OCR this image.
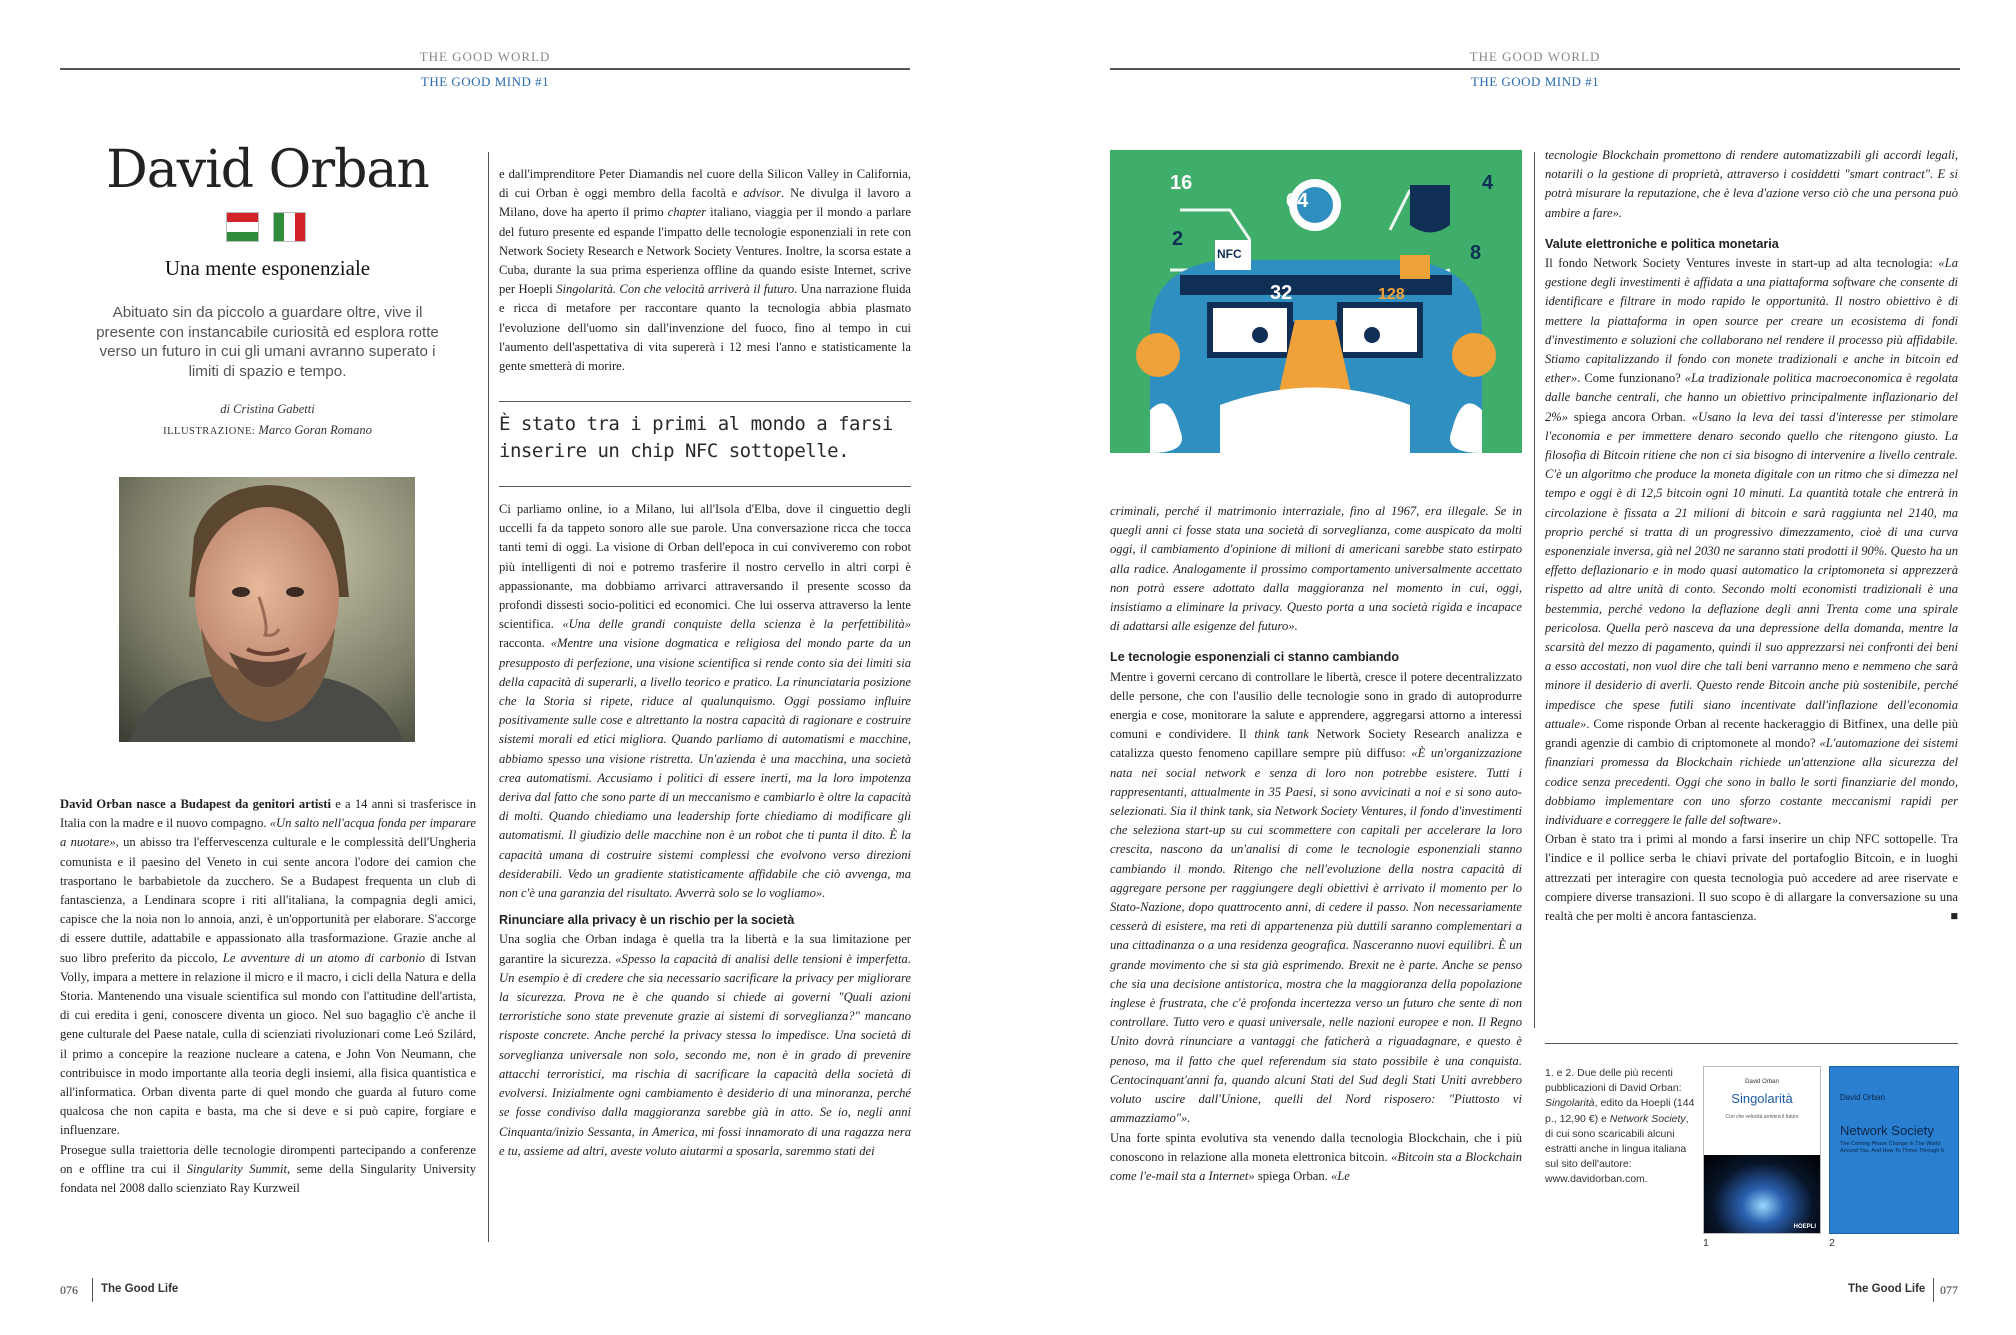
THE GOOD WORLD
THE GOOD MIND #1
THE GOOD WORLD
THE GOOD MIND #1
David Orban
Una mente esponenziale
Abituato sin da piccolo a guardare oltre, vive il presente con instancabile curiosità ed esplora rotte verso un futuro in cui gli umani avranno superato i limiti di spazio e tempo.
di Cristina Gabetti
ILLUSTRAZIONE: Marco Goran Romano

David Orban nasce a Budapest da genitori artisti e a 14 anni si trasferisce in Italia con la madre e il nuovo compagno. «Un salto nell'acqua fonda per imparare a nuotare», un abisso tra l'effervescenza culturale e le complessità dell'Ungheria comunista e il paesino del Veneto in cui sente ancora l'odore dei camion che trasportano le barbabietole da zucchero. Se a Budapest frequenta un club di fantascienza, a Lendinara scopre i riti all'italiana, la compagnia degli amici, capisce che la noia non lo annoia, anzi, è un'opportunità per elaborare. S'accorge di essere duttile, adattabile e appassionato alla trasformazione. Grazie anche al suo libro preferito da piccolo, Le avventure di un atomo di carbonio di Istvan Volly, impara a mettere in relazione il micro e il macro, i cicli della Natura e della Storia. Mantenendo una visuale scientifica sul mondo con l'attitudine dell'artista, di cui eredita i geni, conoscere diventa un gioco. Nel suo bagaglio c'è anche il gene culturale del Paese natale, culla di scienziati rivoluzionari come Leó Szilárd, il primo a concepire la reazione nucleare a catena, e John Von Neumann, che contribuisce in modo importante alla teoria degli insiemi, alla fisica quantistica e all'informatica. Orban diventa parte di quel mondo che guarda al futuro come qualcosa che non capita e basta, ma che si deve e si può capire, forgiare e influenzare.

Prosegue sulla traiettoria delle tecnologie dirompenti partecipando a conferenze on e offline tra cui il Singularity Summit, seme della Singularity University fondata nel 2008 dallo scienziato Ray Kurzweil

e dall'imprenditore Peter Diamandis nel cuore della Silicon Valley in California, di cui Orban è oggi membro della facoltà e advisor. Ne divulga il lavoro a Milano, dove ha aperto il primo chapter italiano, viaggia per il mondo a parlare del futuro presente ed espande l'impatto delle tecnologie esponenziali in rete con Network Society Research e Network Society Ventures. Inoltre, la scorsa estate a Cuba, durante la sua prima esperienza offline da quando esiste Internet, scrive per Hoepli Singolarità. Con che velocità arriverà il futuro. Una narrazione fluida e ricca di metafore per raccontare quanto la tecnologia abbia plasmato l'evoluzione dell'uomo sin dall'invenzione del fuoco, fino al tempo in cui l'aumento dell'aspettativa di vita supererà i 12 mesi l'anno e statisticamente la gente smetterà di morire.

È stato tra i primi al mondo a farsi inserire un chip NFC sottopelle.

Ci parliamo online, io a Milano, lui all'Isola d'Elba, dove il cinguettio degli uccelli fa da tappeto sonoro alle sue parole. Una conversazione ricca che tocca tanti temi di oggi. La visione di Orban dell'epoca in cui conviveremo con robot più intelligenti di noi e potremo trasferire il nostro cervello in altri corpi è appassionante, ma dobbiamo arrivarci attraversando il presente scosso da profondi dissesti socio-politici ed economici. Che lui osserva attraverso la lente scientifica. «Una delle grandi conquiste della scienza è la perfettibilità» racconta. «Mentre una visione dogmatica e religiosa del mondo parte da un presupposto di perfezione, una visione scientifica si rende conto sia dei limiti sia della capacità di superarli, a livello teorico e pratico. La rinunciataria posizione che la Storia si ripete, riduce al qualunquismo. Oggi possiamo influire positivamente sulle cose e altrettanto la nostra capacità di ragionare e costruire sistemi morali ed etici migliora. Quando parliamo di automatismi e macchine, abbiamo spesso una visione ristretta. Un'azienda è una macchina, una società crea automatismi. Accusiamo i politici di essere inerti, ma la loro impotenza deriva dal fatto che sono parte di un meccanismo e cambiarlo è oltre la capacità di molti. Quando chiediamo una leadership forte chiediamo di modificare gli automatismi. Il giudizio delle macchine non è un robot che ti punta il dito. È la capacità umana di costruire sistemi complessi che evolvono verso direzioni desiderabili. Vedo un gradiente statisticamente affidabile che ciò avvenga, ma non c'è una garanzia del risultato. Avverrà solo se lo vogliamo».

Rinunciare alla privacy è un rischio per la società

Una soglia che Orban indaga è quella tra la libertà e la sua limitazione per garantire la sicurezza. «Spesso la capacità di analisi delle tensioni è imperfetta. Un esempio è di credere che sia necessario sacrificare la privacy per migliorare la sicurezza. Prova ne è che quando si chiede ai governi "Quali azioni terroristiche sono state prevenute grazie ai sistemi di sorveglianza?" mancano risposte concrete. Anche perché la privacy stessa lo impedisce. Una società di sorveglianza universale non solo, secondo me, non è in grado di prevenire attacchi terroristici, ma rischia di sacrificare la capacità della società di evolversi. Inizialmente ogni cambiamento è desiderio di una minoranza, perché se fosse condiviso dalla maggioranza sarebbe già in atto. Se io, negli anni Cinquanta/inizio Sessanta, in America, mi fossi innamorato di una ragazza nera e tu, assieme ad altri, aveste voluto aiutarmi a sposarla, saremmo stati dei

076 The Good Life
16
64
4
2
32
8
128
NFC

criminali, perché il matrimonio interraziale, fino al 1967, era illegale. Se in quegli anni ci fosse stata una società di sorveglianza, come auspicato da molti oggi, il cambiamento d'opinione di milioni di americani sarebbe stato estirpato alla radice. Analogamente il prossimo comportamento universalmente accettato non potrà essere adottato dalla maggioranza nel momento in cui, oggi, insistiamo a eliminare la privacy. Questo porta a una società rigida e incapace di adattarsi alle esigenze del futuro».

Le tecnologie esponenziali ci stanno cambiando

Mentre i governi cercano di controllare le libertà, cresce il potere decentralizzato delle persone, che con l'ausilio delle tecnologie sono in grado di autoprodurre energia e cose, monitorare la salute e apprendere, aggregarsi attorno a interessi comuni e condividere. Il think tank Network Society Research analizza e catalizza questo fenomeno capillare sempre più diffuso: «È un'organizzazione nata nei social network e senza di loro non potrebbe esistere. Tutti i rappresentanti, attualmente in 35 Paesi, si sono avvicinati a noi e si sono auto-selezionati. Sia il think tank, sia Network Society Ventures, il fondo d'investimenti che seleziona start-up su cui scommettere con capitali per accelerare la loro crescita, nascono da un'analisi di come le tecnologie esponenziali stanno cambiando il mondo. Ritengo che nell'evoluzione della nostra capacità di aggregare persone per raggiungere degli obiettivi è arrivato il momento per lo Stato-Nazione, dopo quattrocento anni, di cedere il passo. Non necessariamente cesserà di esistere, ma reti di appartenenza più duttili saranno complementari a una cittadinanza o a una residenza geografica. Nasceranno nuovi equilibri. È un grande movimento che si sta già esprimendo. Brexit ne è parte. Anche se penso che sia una decisione antistorica, mostra che la maggioranza della popolazione inglese è frustrata, che c'è profonda incertezza verso un futuro che sente di non controllare. Tutto vero e quasi universale, nelle nazioni europee e non. Il Regno Unito dovrà rinunciare a vantaggi che faticherà a riguadagnare, e questo è penoso, ma il fatto che quel referendum sia stato possibile è una conquista. Centocinquant'anni fa, quando alcuni Stati del Sud degli Stati Uniti avrebbero voluto uscire dall'Unione, quelli del Nord risposero: "Piuttosto vi ammazziamo"».

Una forte spinta evolutiva sta venendo dalla tecnologia Blockchain, che i più conoscono in relazione alla moneta elettronica bitcoin. «Bitcoin sta a Blockchain come l'e-mail sta a Internet» spiega Orban. «Le

tecnologie Blockchain promettono di rendere automatizzabili gli accordi legali, notarili o la gestione di proprietà, attraverso i cosiddetti "smart contract". E si potrà misurare la reputazione, che è leva d'azione verso ciò che una persona può ambire a fare».

Valute elettroniche e politica monetaria

Il fondo Network Society Ventures investe in start-up ad alta tecnologia: «La gestione degli investimenti è affidata a una piattaforma software che consente di identificare e filtrare in modo rapido le opportunità. Il nostro obiettivo è di mettere la piattaforma in open source per creare un ecosistema di fondi d'investimento e soluzioni che collaborano nel rendere il processo più affidabile. Stiamo capitalizzando il fondo con monete tradizionali e anche in bitcoin ed ether». Come funzionano? «La tradizionale politica macroeconomica è regolata dalle banche centrali, che hanno un obiettivo principalmente inflazionario del 2%» spiega ancora Orban. «Usano la leva dei tassi d'interesse per stimolare l'economia e per immettere denaro secondo quello che ritengono giusto. La filosofia di Bitcoin ritiene che non ci sia bisogno di intervenire a livello centrale. C'è un algoritmo che produce la moneta digitale con un ritmo che si dimezza nel tempo e oggi è di 12,5 bitcoin ogni 10 minuti. La quantità totale che entrerà in circolazione è fissata a 21 milioni di bitcoin e sarà raggiunta nel 2140, ma proprio perché si tratta di un progressivo dimezzamento, cioè di una curva esponenziale inversa, già nel 2030 ne saranno stati prodotti il 90%. Questo ha un effetto deflazionario e in modo quasi automatico la criptomoneta si apprezzerà rispetto ad altre unità di conto. Secondo molti economisti tradizionali è una bestemmia, perché vedono la deflazione degli anni Trenta come una spirale pericolosa. Quella però nasceva da una depressione della domanda, mentre la scarsità del mezzo di pagamento, quindi il suo apprezzarsi nei confronti dei beni a esso accostati, non vuol dire che tali beni varranno meno e nemmeno che sarà minore il desiderio di averli. Questo rende Bitcoin anche più sostenibile, perché impedisce che spese futili siano incentivate dall'inflazione dell'economia attuale». Come risponde Orban al recente hackeraggio di Bitfinex, una delle più grandi agenzie di cambio di criptomonete al mondo? «L'automazione dei sistemi finanziari promessa da Blockchain richiede un'attenzione alla sicurezza del codice senza precedenti. Oggi che sono in ballo le sorti finanziarie del mondo, dobbiamo implementare con uno sforzo costante meccanismi rapidi per individuare e correggere le falle del software».

Orban è stato tra i primi al mondo a farsi inserire un chip NFC sottopelle. Tra l'indice e il pollice serba le chiavi private del portafoglio Bitcoin, e in luoghi attrezzati per interagire con questa tecnologia può accedere ad aree riservate e compiere diverse transazioni. Il suo scopo è di allargare la conversazione su una realtà che per molti è ancora fantascienza.	■

1. e 2. Due delle più recenti pubblicazioni di David Orban: Singolarità, edito da Hoepli (144 p., 12,90 €) e Network Society, di cui sono scaricabili alcuni estratti anche in lingua italiana sul sito dell'autore: www.davidorban.com.
David Orban
Singolarità
Con che velocità arriverà il futuro
HOEPLI
1
David Orban
Network Society
The Coming Phase Change in The World Around You, And How To Thrive Through It
2
The Good Life 077
